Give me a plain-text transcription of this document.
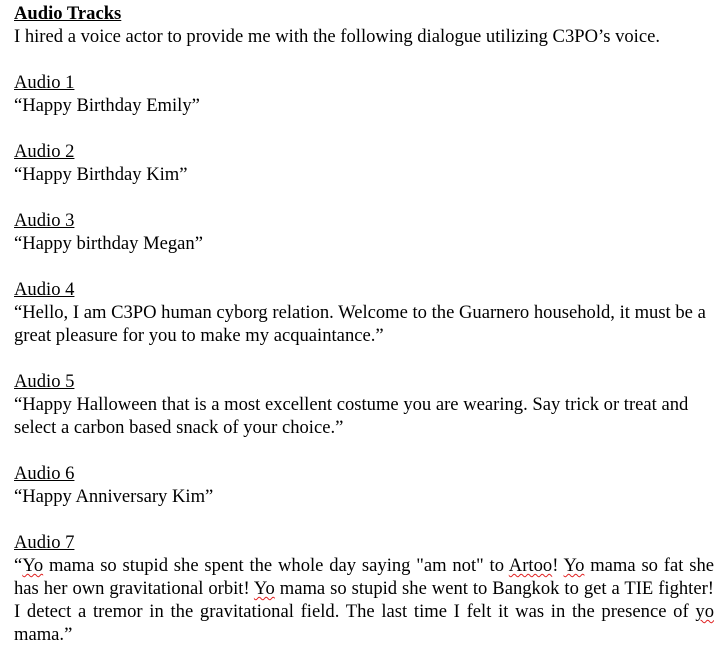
Audio Tracks
I hired a voice actor to provide me with the following dialogue utilizing C3PO’s voice.
Audio 1
“Happy Birthday Emily”
Audio 2
“Happy Birthday Kim”
Audio 3
“Happy birthday Megan”
Audio 4
“Hello, I am C3PO human cyborg relation. Welcome to the Guarnero household, it must be a great pleasure for you to make my acquaintance.”
Audio 5
“Happy Halloween that is a most excellent costume you are wearing. Say trick or treat and select a carbon based snack of your choice.”
Audio 6
“Happy Anniversary Kim”
Audio 7
“Yo mama so stupid she spent the whole day saying "am not" to Artoo! Yo mama so fat she has her own gravitational orbit! Yo mama so stupid she went to Bangkok to get a TIE fighter! I detect a tremor in the gravitational field. The last time I felt it was in the presence of yo mama.”
